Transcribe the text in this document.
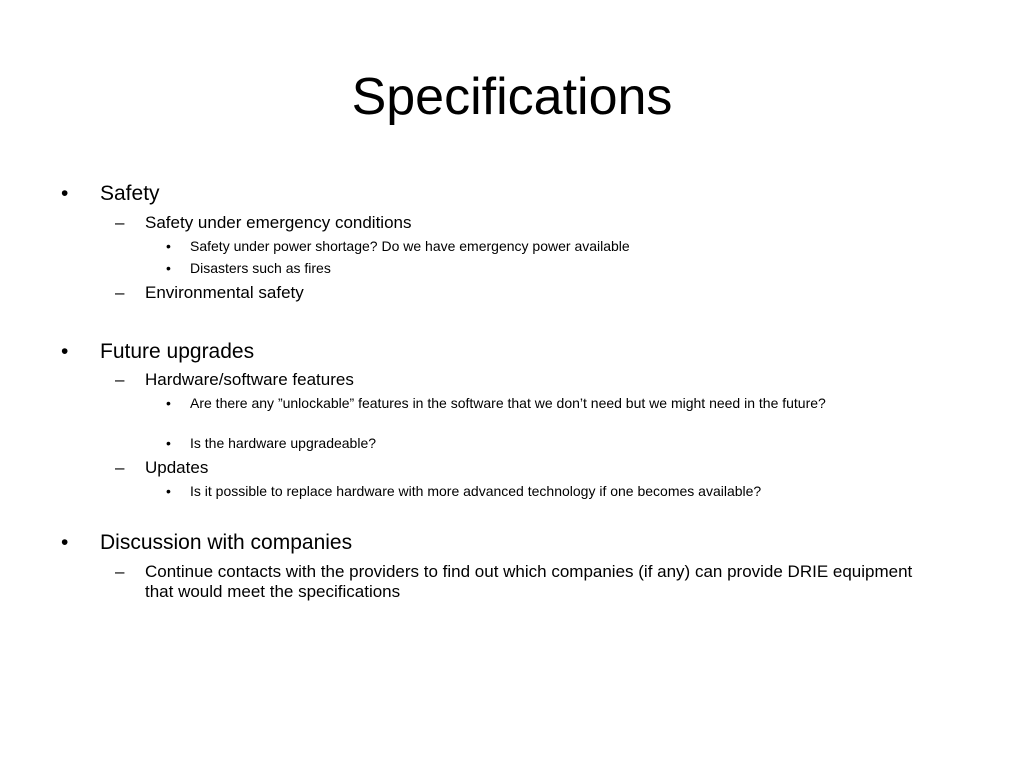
Specifications
• Safety
– Safety under emergency conditions
• Safety under power shortage? Do we have emergency power available
• Disasters such as fires
– Environmental safety
• Future upgrades
– Hardware/software features
• Are there any ”unlockable” features in the software that we don’t need but we might need in the future?
• Is the hardware upgradeable?
– Updates
• Is it possible to replace hardware with more advanced technology if one becomes available?
• Discussion with companies
– Continue contacts with the providers to find out which companies (if any) can provide DRIE equipment that would meet the specifications
